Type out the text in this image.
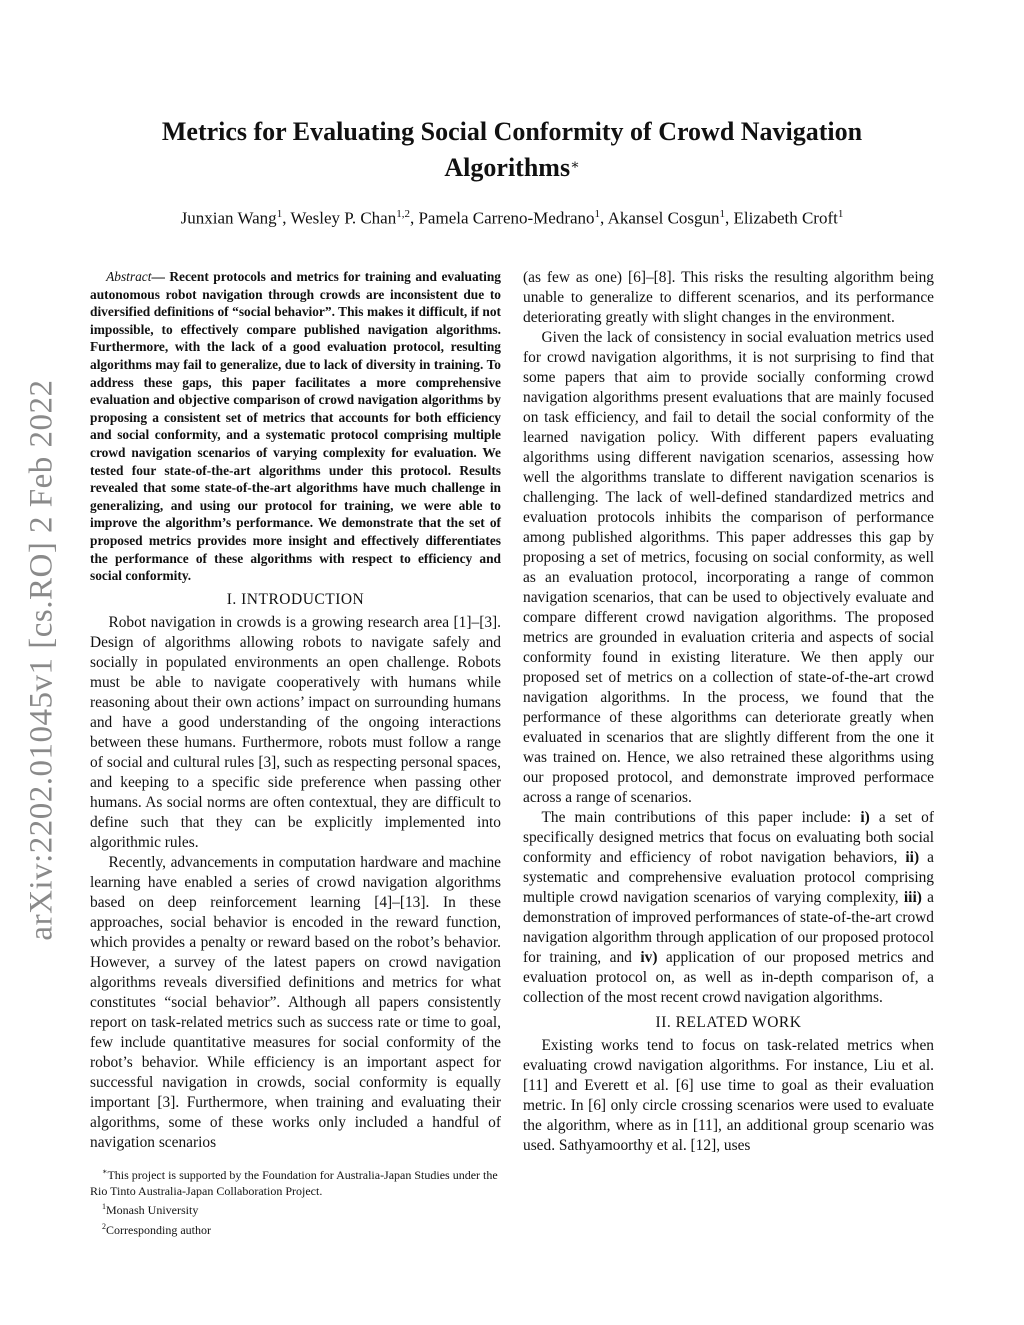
arXiv:2202.01045v1 [cs.RO] 2 Feb 2022
Metrics for Evaluating Social Conformity of Crowd Navigation
Algorithms∗
Junxian Wang$^1$, Wesley P. Chan$^{1,2}$, Pamela Carreno-Medrano$^1$, Akansel Cosgun$^1$, Elizabeth Croft$^1$

Abstract— Recent protocols and metrics for training and evaluating autonomous robot navigation through crowds are inconsistent due to diversified definitions of “social behavior”. This makes it difficult, if not impossible, to effectively compare published navigation algorithms. Furthermore, with the lack of a good evaluation protocol, resulting algorithms may fail to generalize, due to lack of diversity in training. To address these gaps, this paper facilitates a more comprehensive evaluation and objective comparison of crowd navigation algorithms by proposing a consistent set of metrics that accounts for both efficiency and social conformity, and a systematic protocol comprising multiple crowd navigation scenarios of varying complexity for evaluation. We tested four state-of-the-art algorithms under this protocol. Results revealed that some state-of-the-art algorithms have much challenge in generalizing, and using our protocol for training, we were able to improve the algorithm’s performance. We demonstrate that the set of proposed metrics provides more insight and effectively differentiates the performance of these algorithms with respect to efficiency and social conformity.

I. INTRODUCTION

Robot navigation in crowds is a growing research area [1]–[3]. Design of algorithms allowing robots to navigate safely and socially in populated environments an open challenge. Robots must be able to navigate cooperatively with humans while reasoning about their own actions’ impact on surrounding humans and have a good understanding of the ongoing interactions between these humans. Furthermore, robots must follow a range of social and cultural rules [3], such as respecting personal spaces, and keeping to a specific side preference when passing other humans. As social norms are often contextual, they are difficult to define such that they can be explicitly implemented into algorithmic rules.

Recently, advancements in computation hardware and machine learning have enabled a series of crowd navigation algorithms based on deep reinforcement learning [4]–[13]. In these approaches, social behavior is encoded in the reward function, which provides a penalty or reward based on the robot’s behavior. However, a survey of the latest papers on crowd navigation algorithms reveals diversified definitions and metrics for what constitutes “social behavior”. Although all papers consistently report on task-related metrics such as success rate or time to goal, few include quantitative measures for social conformity of the robot’s behavior. While efficiency is an important aspect for successful navigation in crowds, social conformity is equally important [3]. Furthermore, when training and evaluating their algorithms, some of these works only included a handful of navigation scenarios

(as few as one) [6]–[8]. This risks the resulting algorithm being unable to generalize to different scenarios, and its performance deteriorating greatly with slight changes in the environment.

Given the lack of consistency in social evaluation metrics used for crowd navigation algorithms, it is not surprising to find that some papers that aim to provide socially conforming crowd navigation algorithms present evaluations that are mainly focused on task efficiency, and fail to detail the social conformity of the learned navigation policy. With different papers evaluating algorithms using different navigation scenarios, assessing how well the algorithms translate to different navigation scenarios is challenging. The lack of well-defined standardized metrics and evaluation protocols inhibits the comparison of performance among published algorithms. This paper addresses this gap by proposing a set of metrics, focusing on social conformity, as well as an evaluation protocol, incorporating a range of common navigation scenarios, that can be used to objectively evaluate and compare different crowd navigation algorithms. The proposed metrics are grounded in evaluation criteria and aspects of social conformity found in existing literature. We then apply our proposed set of metrics on a collection of state-of-the-art crowd navigation algorithms. In the process, we found that the performance of these algorithms can deteriorate greatly when evaluated in scenarios that are slightly different from the one it was trained on. Hence, we also retrained these algorithms using our proposed protocol, and demonstrate improved performace across a range of scenarios.

The main contributions of this paper include: i) a set of specifically designed metrics that focus on evaluating both social conformity and efficiency of robot navigation behaviors, ii) a systematic and comprehensive evaluation protocol comprising multiple crowd navigation scenarios of varying complexity, iii) a demonstration of improved performances of state-of-the-art crowd navigation algorithm through application of our proposed protocol for training, and iv) application of our proposed metrics and evaluation protocol on, as well as in-depth comparison of, a collection of the most recent crowd navigation algorithms.

II. RELATED WORK

Existing works tend to focus on task-related metrics when evaluating crowd navigation algorithms. For instance, Liu et al. [11] and Everett et al. [6] use time to goal as their evaluation metric. In [6] only circle crossing scenarios were used to evaluate the algorithm, where as in [11], an additional group scenario was used. Sathyamoorthy et al. [12], uses

∗This project is supported by the Foundation for Australia-Japan Studies under the Rio Tinto Australia-Japan Collaboration Project.

$^1$Monash University

$^2$Corresponding author
